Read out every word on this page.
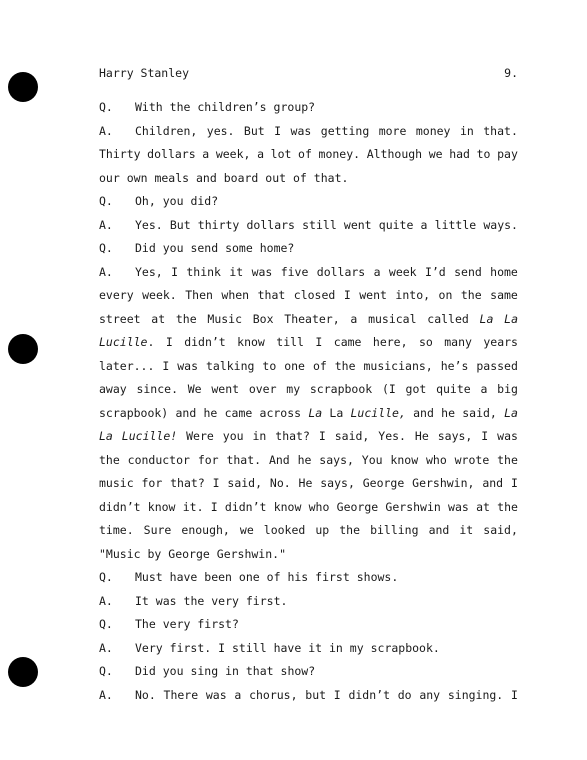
Harry Stanley	9.
Q.	With
the
children’s
group?
A.	Children, yes. But I was getting more money in that.
Thirty dollars a week, a lot of money. Although we had to pay
our
own
meals
and
board
out
of
that.
Q.	Oh,
you
did?
A.	Yes. But thirty dollars still went quite a little ways.
Q.	Did
you
send
some
home?
A.	Yes, I think it was five dollars a week I’d send home
every week. Then when that closed I went into, on the same
street at the Music Box Theater, a musical called La La
Lucille. I didn’t know till I came here, so many years
later... I was talking to one of the musicians, he’s passed
away since. We went over my scrapbook (I got quite a big
scrapbook) and he came across La La Lucille, and he said, La
La Lucille! Were you in that? I said, Yes. He says, I was
the conductor for that. And he says, You know who wrote the
music for that? I said, No. He says, George Gershwin, and I
didn’t know it. I didn’t know who George Gershwin was at the
time. Sure enough, we looked up the billing and it said,
"Music
by
George
Gershwin."
Q.	Must
have
been
one
of
his
first
shows.
A.	It
was
the
very
first.
Q.	The
very
first?
A.	Very
first.
I
still
have
it
in
my
scrapbook.
Q.	Did
you
sing
in
that
show?
A.	No. There was a chorus, but I didn’t do any singing. I
